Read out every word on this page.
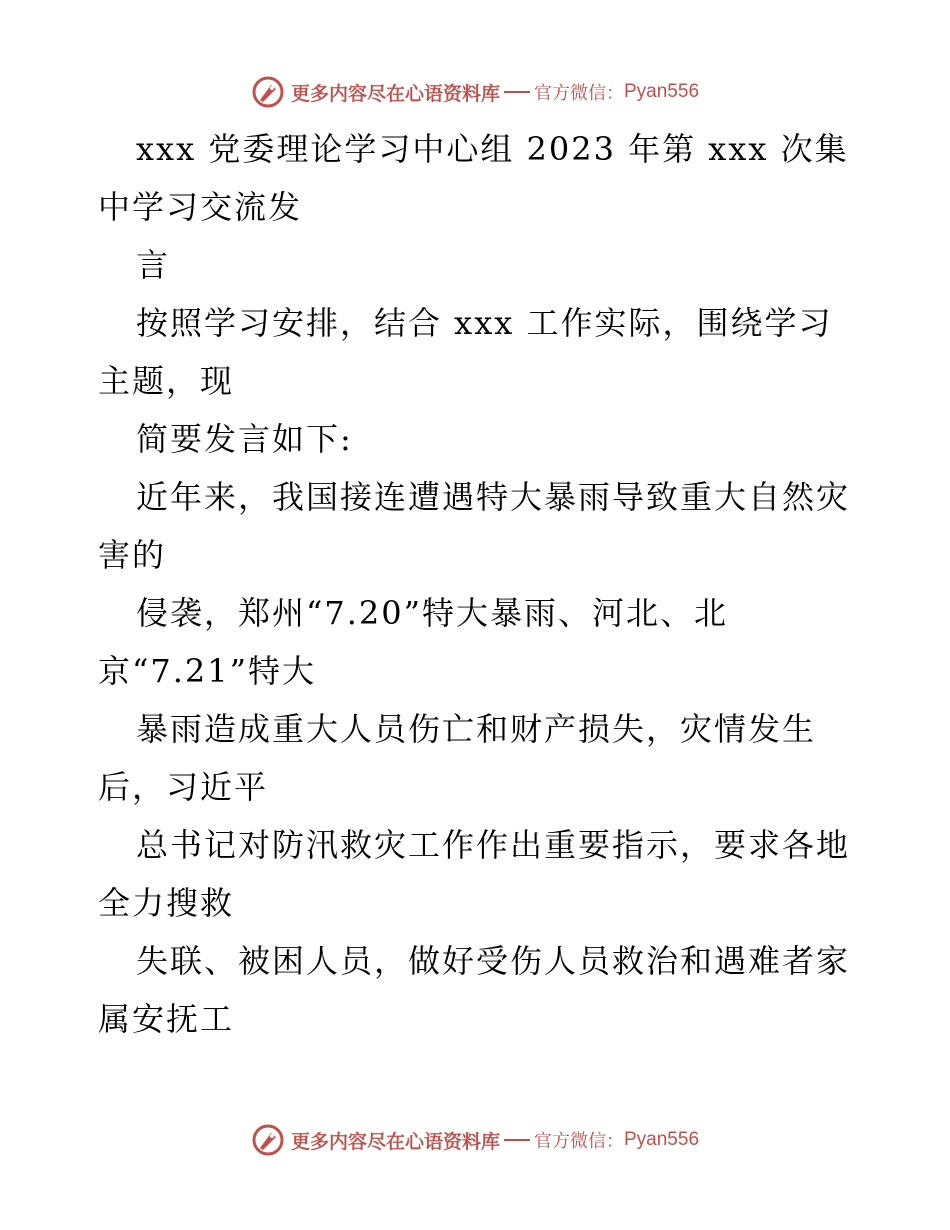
更多内容尽在心语资料库 官方微信： Pyan556
xxx 党委理论学习中心组 2023 年第 xxx 次集
中学习交流发
言
按照学习安排，结合 xxx 工作实际，围绕学习
主题，现
简要发言如下:
近年来，我国接连遭遇特大暴雨导致重大自然灾
害的
侵袭，郑州“7.20”特大暴雨、河北、北
京“7.21”特大
暴雨造成重大人员伤亡和财产损失，灾情发生
后，习近平
总书记对防汛救灾工作作出重要指示，要求各地
全力搜救
失联、被困人员，做好受伤人员救治和遇难者家
属安抚工
更多内容尽在心语资料库 官方微信： Pyan556
